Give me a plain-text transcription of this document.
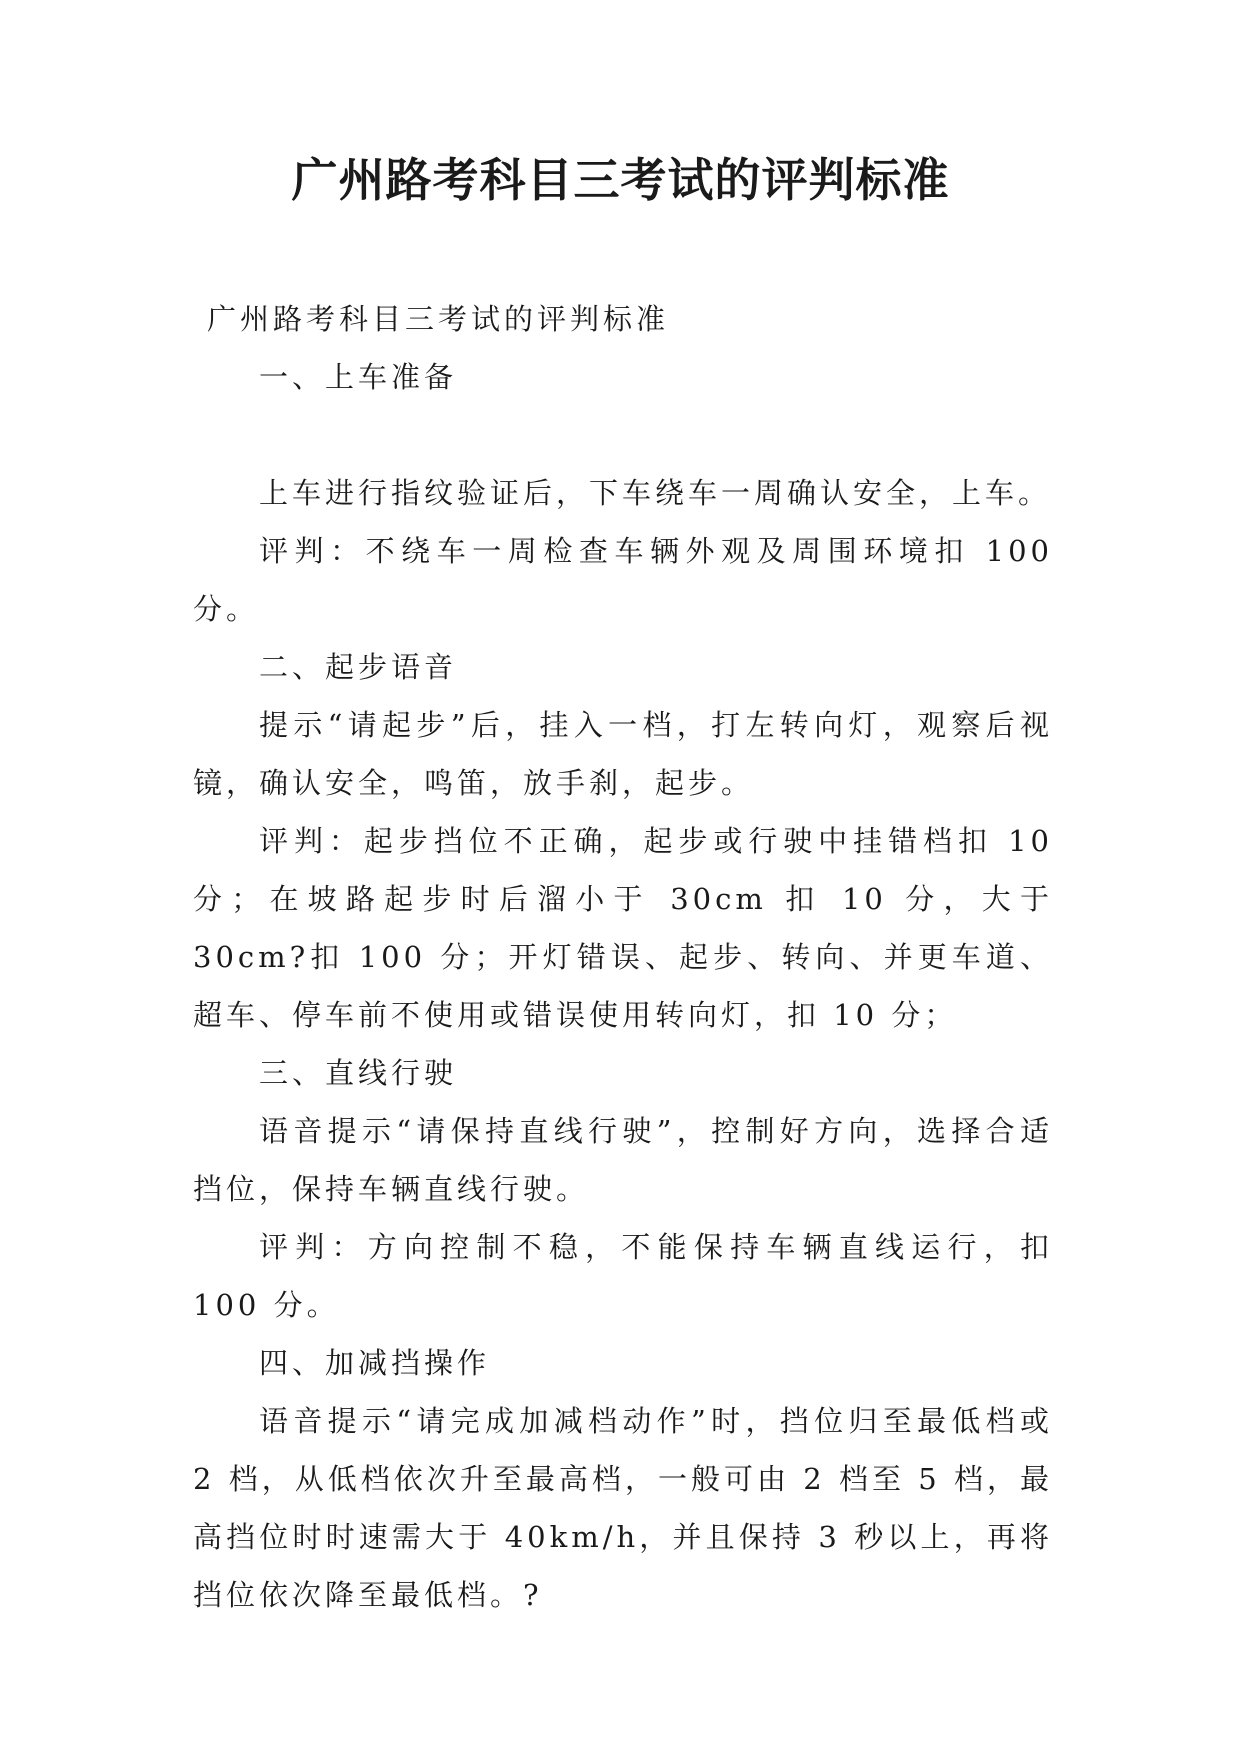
广州路考科目三考试的评判标准

广州路考科目三考试的评判标准

一、上车准备

上车进行指纹验证后，下车绕车一周确认安全，上车。

评判：不绕车一周检查车辆外观及周围环境扣 100 分。

二、起步语音

提示“请起步”后，挂入一档，打左转向灯，观察后视镜，确认安全，鸣笛，放手刹，起步。

评判：起步挡位不正确，起步或行驶中挂错档扣 10 分；在坡路起步时后溜小于 30cm 扣 10 分，大于 30cm?扣 100 分；开灯错误、起步、转向、并更车道、超车、停车前不使用或错误使用转向灯，扣 10 分；

三、直线行驶

语音提示“请保持直线行驶”，控制好方向，选择合适挡位，保持车辆直线行驶。

评判：方向控制不稳，不能保持车辆直线运行，扣 100 分。

四、加减挡操作

语音提示“请完成加减档动作”时，挡位归至最低档或 2 档，从低档依次升至最高档，一般可由 2 档至 5 档，最高挡位时时速需大于 40km/h，并且保持 3 秒以上，再将挡位依次降至最低档。?
